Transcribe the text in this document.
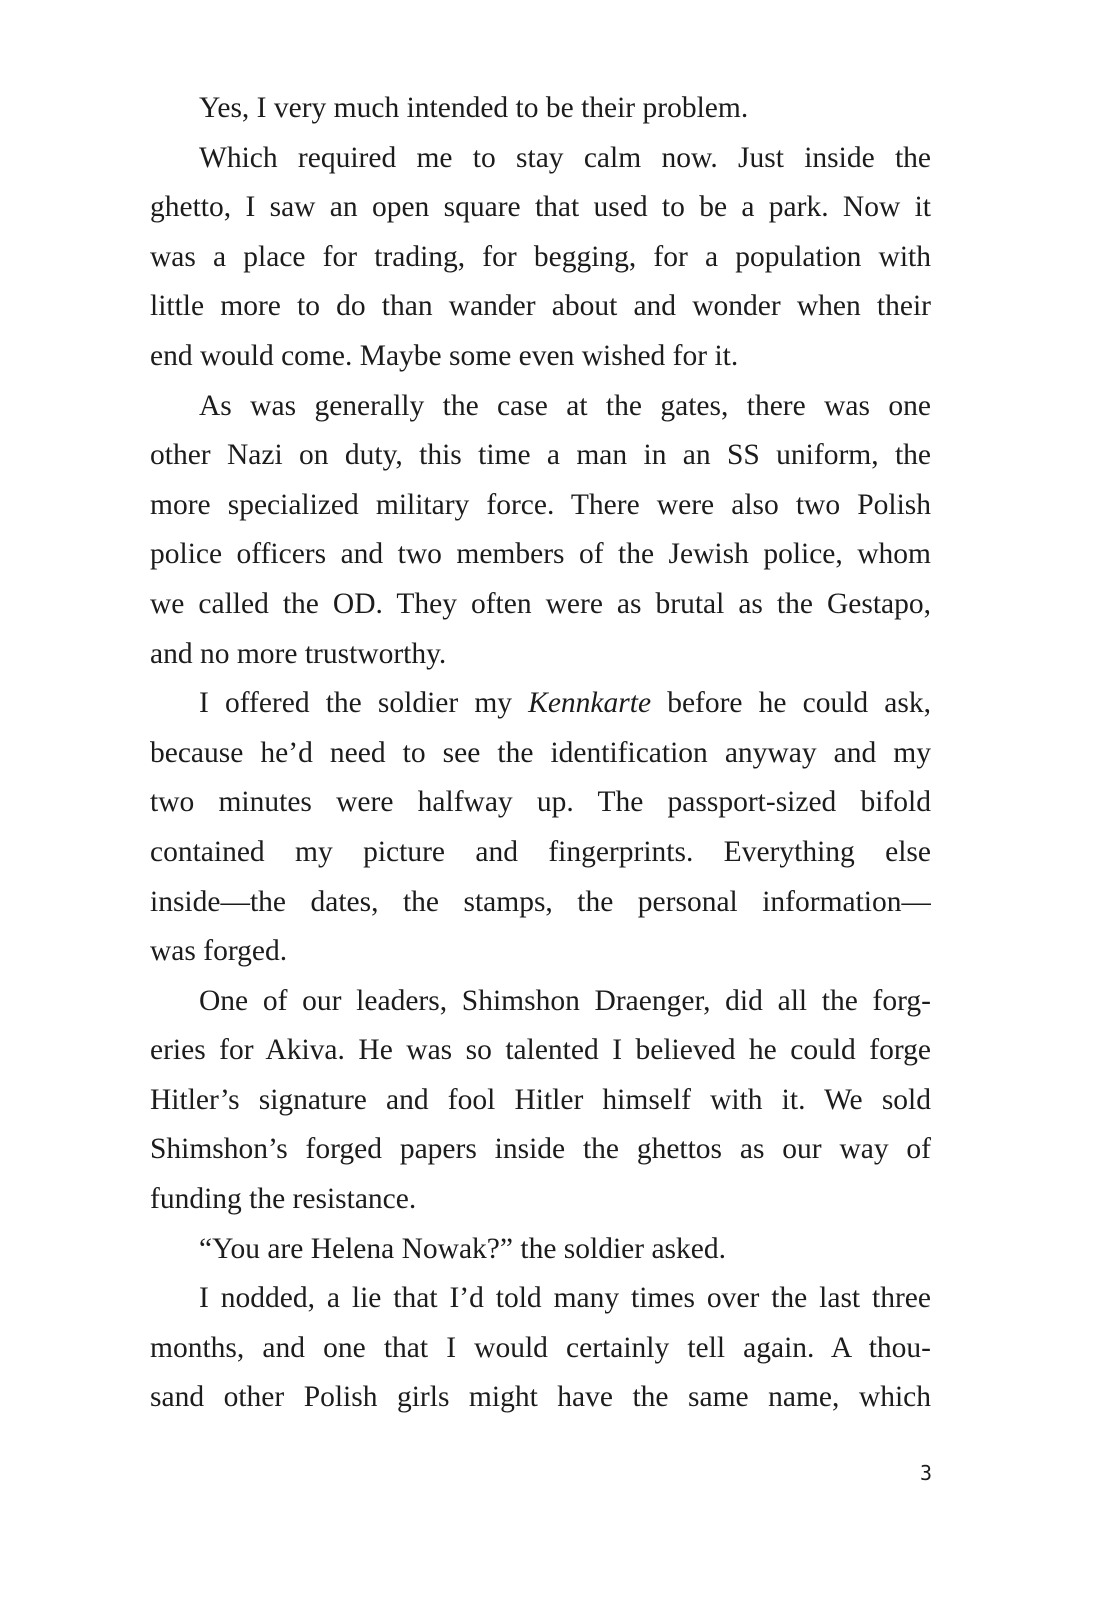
Yes, I very much intended to be their problem.
Which required me to stay calm now. Just inside the
ghetto, I saw an open square that used to be a park. Now it
was a place for trading, for begging, for a population with
little more to do than wander about and wonder when their
end would come. Maybe some even wished for it.
As was generally the case at the gates, there was one
other Nazi on duty, this time a man in an SS uniform, the
more specialized military force. There were also two Polish
police officers and two members of the Jewish police, whom
we called the OD. They often were as brutal as the Gestapo,
and no more trustworthy.
I offered the soldier my Kennkarte before he could ask,
because he’d need to see the identification anyway and my
two minutes were halfway up. The passport-sized bifold
contained my picture and fingerprints. Everything else
inside—the dates, the stamps, the personal information—
was forged.
One of our leaders, Shimshon Draenger, did all the forg-
eries for Akiva. He was so talented I believed he could forge
Hitler’s signature and fool Hitler himself with it. We sold
Shimshon’s forged papers inside the ghettos as our way of
funding the resistance.
“You are Helena Nowak?” the soldier asked.
I nodded, a lie that I’d told many times over the last three
months, and one that I would certainly tell again. A thou-
sand other Polish girls might have the same name, which
3
